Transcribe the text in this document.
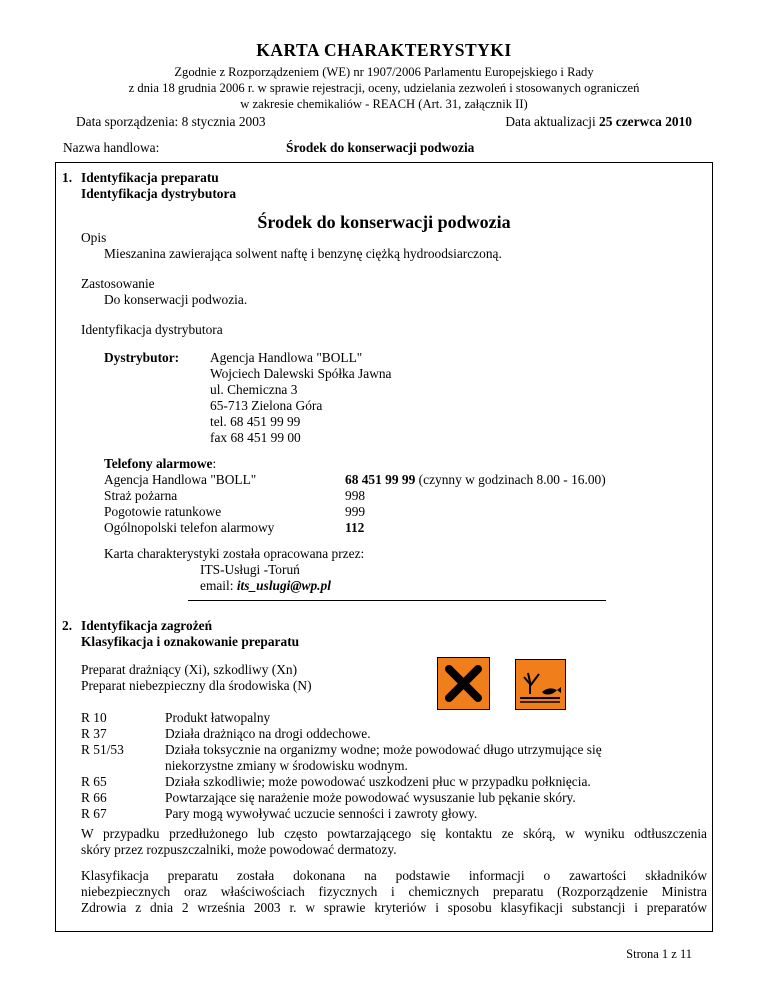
KARTA CHARAKTERYSTYKI
Zgodnie z Rozporządzeniem (WE) nr 1907/2006 Parlamentu Europejskiego i Rady
z dnia 18 grudnia 2006 r. w sprawie rejestracji, oceny, udzielania zezwoleń i stosowanych ograniczeń
w zakresie chemikaliów - REACH (Art. 31, załącznik II)
Data sporządzenia: 8 stycznia 2003	Data aktualizacji 25 czerwca 2010
Nazwa handlowa:	Środek do konserwacji podwozia
1. Identyfikacja preparatu
Identyfikacja dystrybutora
Środek do konserwacji podwozia
Opis
Mieszanina zawierająca solwent naftę i benzynę ciężką hydroodsiarczoną.
Zastosowanie
Do konserwacji podwozia.
Identyfikacja dystrybutora
Dystrybutor: Agencja Handlowa "BOLL"
Wojciech Dalewski Spółka Jawna
ul. Chemiczna 3
65-713 Zielona Góra
tel. 68 451 99 99
fax 68 451 99 00
Telefony alarmowe:
Agencja Handlowa "BOLL"
Straż pożarna
Pogotowie ratunkowe
Ogólnopolski telefon alarmowy
68 451 99 99 (czynny w godzinach 8.00 - 16.00)
998
999
112
Karta charakterystyki została opracowana przez:
ITS-Usługi -Toruń
email: its_uslugi@wp.pl
2. Identyfikacja zagrożeń
Klasyfikacja i oznakowanie preparatu
Preparat drażniący (Xi), szkodliwy (Xn)
Preparat niebezpieczny dla środowiska (N)
R 10
R 37
R 51/53
R 65
R 66
R 67
Produkt łatwopalny
Działa drażniąco na drogi oddechowe.
Działa toksycznie na organizmy wodne; może powodować długo utrzymujące się
niekorzystne zmiany w środowisku wodnym.
Działa szkodliwie; może powodować uszkodzeni płuc w przypadku połknięcia.
Powtarzające się narażenie może powodować wysuszanie lub pękanie skóry.
Pary mogą wywoływać uczucie senności i zawroty głowy.
W przypadku przedłużonego lub często powtarzającego się kontaktu ze skórą, w wyniku odtłuszczenia
skóry przez rozpuszczalniki, może powodować dermatozy.
Klasyfikacja preparatu została dokonana na podstawie informacji o zawartości składników
niebezpiecznych oraz właściwościach fizycznych i chemicznych preparatu (Rozporządzenie Ministra
Zdrowia z dnia 2 września 2003 r. w sprawie kryteriów i sposobu klasyfikacji substancji i preparatów
Strona 1 z 11
